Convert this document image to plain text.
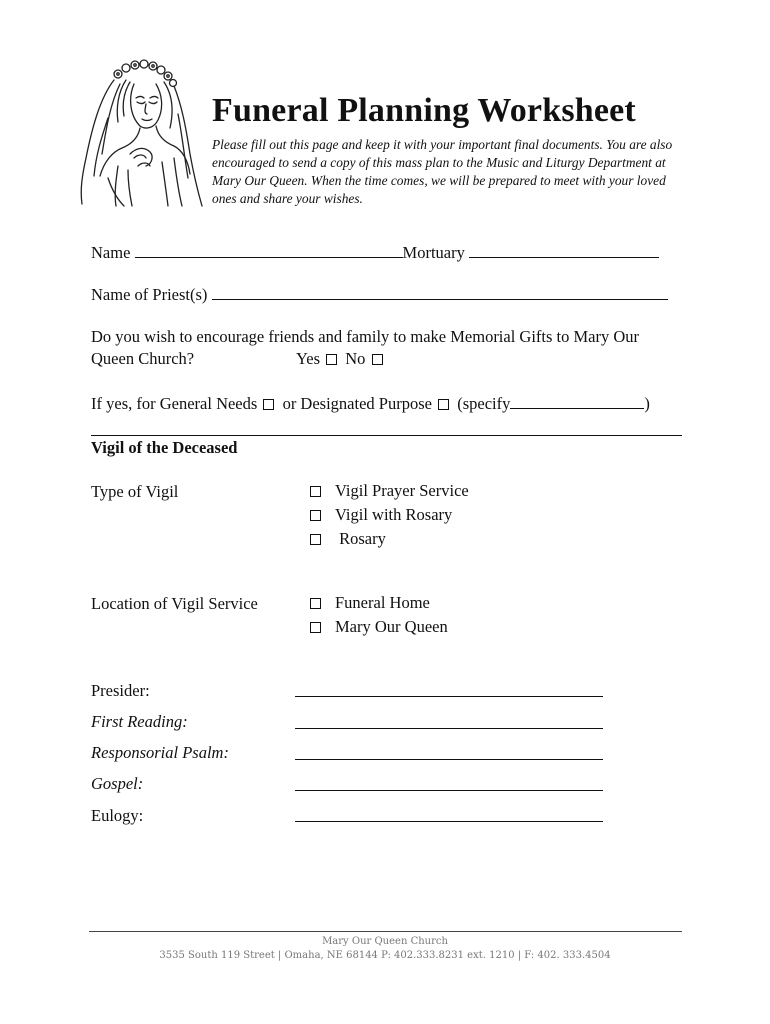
Funeral Planning Worksheet
Please fill out this page and keep it with your important final documents. You are also encouraged to send a copy of this mass plan to the Music and Liturgy Department at Mary Our Queen. When the time comes, we will be prepared to meet with your loved ones and share your wishes.
Name	Mortuary
Name of Priest(s)
Do you wish to encourage friends and family to make Memorial Gifts to Mary Our
Queen Church?	Yes No
If yes, for General Needs or Designated Purpose (specify	)
Vigil of the Deceased
Type of Vigil	Vigil Prayer Service
Vigil with Rosary
Rosary
Location of Vigil Service	Funeral Home
Mary Our Queen
Presider:
First Reading:
Responsorial Psalm:
Gospel:
Eulogy:
Mary Our Queen Church
3535 South 119 Street | Omaha, NE 68144 P: 402.333.8231 ext. 1210 | F: 402. 333.4504
